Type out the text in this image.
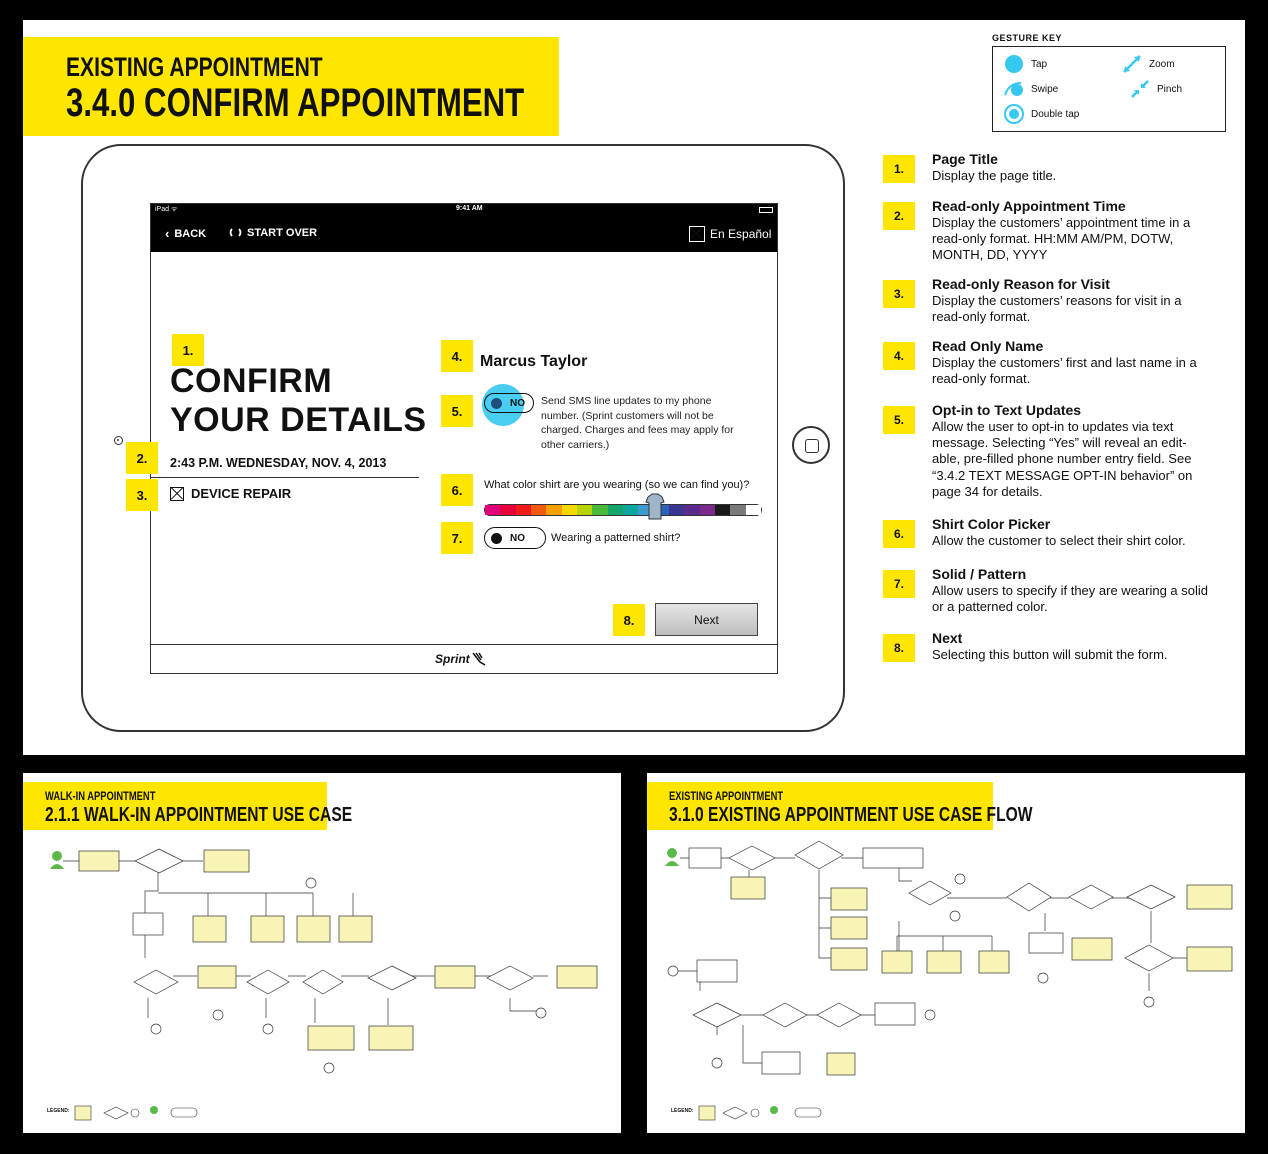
EXISTING APPOINTMENT
3.4.0 CONFIRM APPOINTMENT
GESTURE KEY
Tap
Swipe
Double tap
Zoom
Pinch
iPad ᯤ	9:41 AM
‹ BACK	START OVER	En Español
1.
CONFIRM
YOUR DETAILS
2.	2:43 P.M. WEDNESDAY, NOV. 4, 2013
3.	DEVICE REPAIR
4.	Marcus Taylor
5.
NO Send SMS line updates to my phone number. (Sprint customers will not be charged. Charges and fees may apply for other carriers.)
6.	What color shirt are you wearing (so we can find you)?
7.	NO Wearing a patterned shirt?
8.	Next
Sprint
1.
Page Title
Display the page title.
2.
Read-only Appointment Time
Display the customers’ appointment time in a read-only format. HH:MM AM/PM, DOTW, MONTH, DD, YYYY
3.
Read-only Reason for Visit
Display the customers’ reasons for visit in a read-only format.
4.
Read Only Name
Display the customers’ first and last name in a read-only format.
5.
Opt-in to Text Updates
Allow the user to opt-in to updates via text message. Selecting “Yes” will reveal an edit-able, pre-filled phone number entry field. See “3.4.2 TEXT MESSAGE OPT-IN behavior” on page 34 for details.
6.
Shirt Color Picker
Allow the customer to select their shirt color.
7.
Solid / Pattern
Allow users to specify if they are wearing a solid or a patterned color.
8.
Next
Selecting this button will submit the form.
WALK-IN APPOINTMENT
2.1.1 WALK-IN APPOINTMENT USE CASE
LEGEND:
EXISTING APPOINTMENT
3.1.0 EXISTING APPOINTMENT USE CASE FLOW
LEGEND:
